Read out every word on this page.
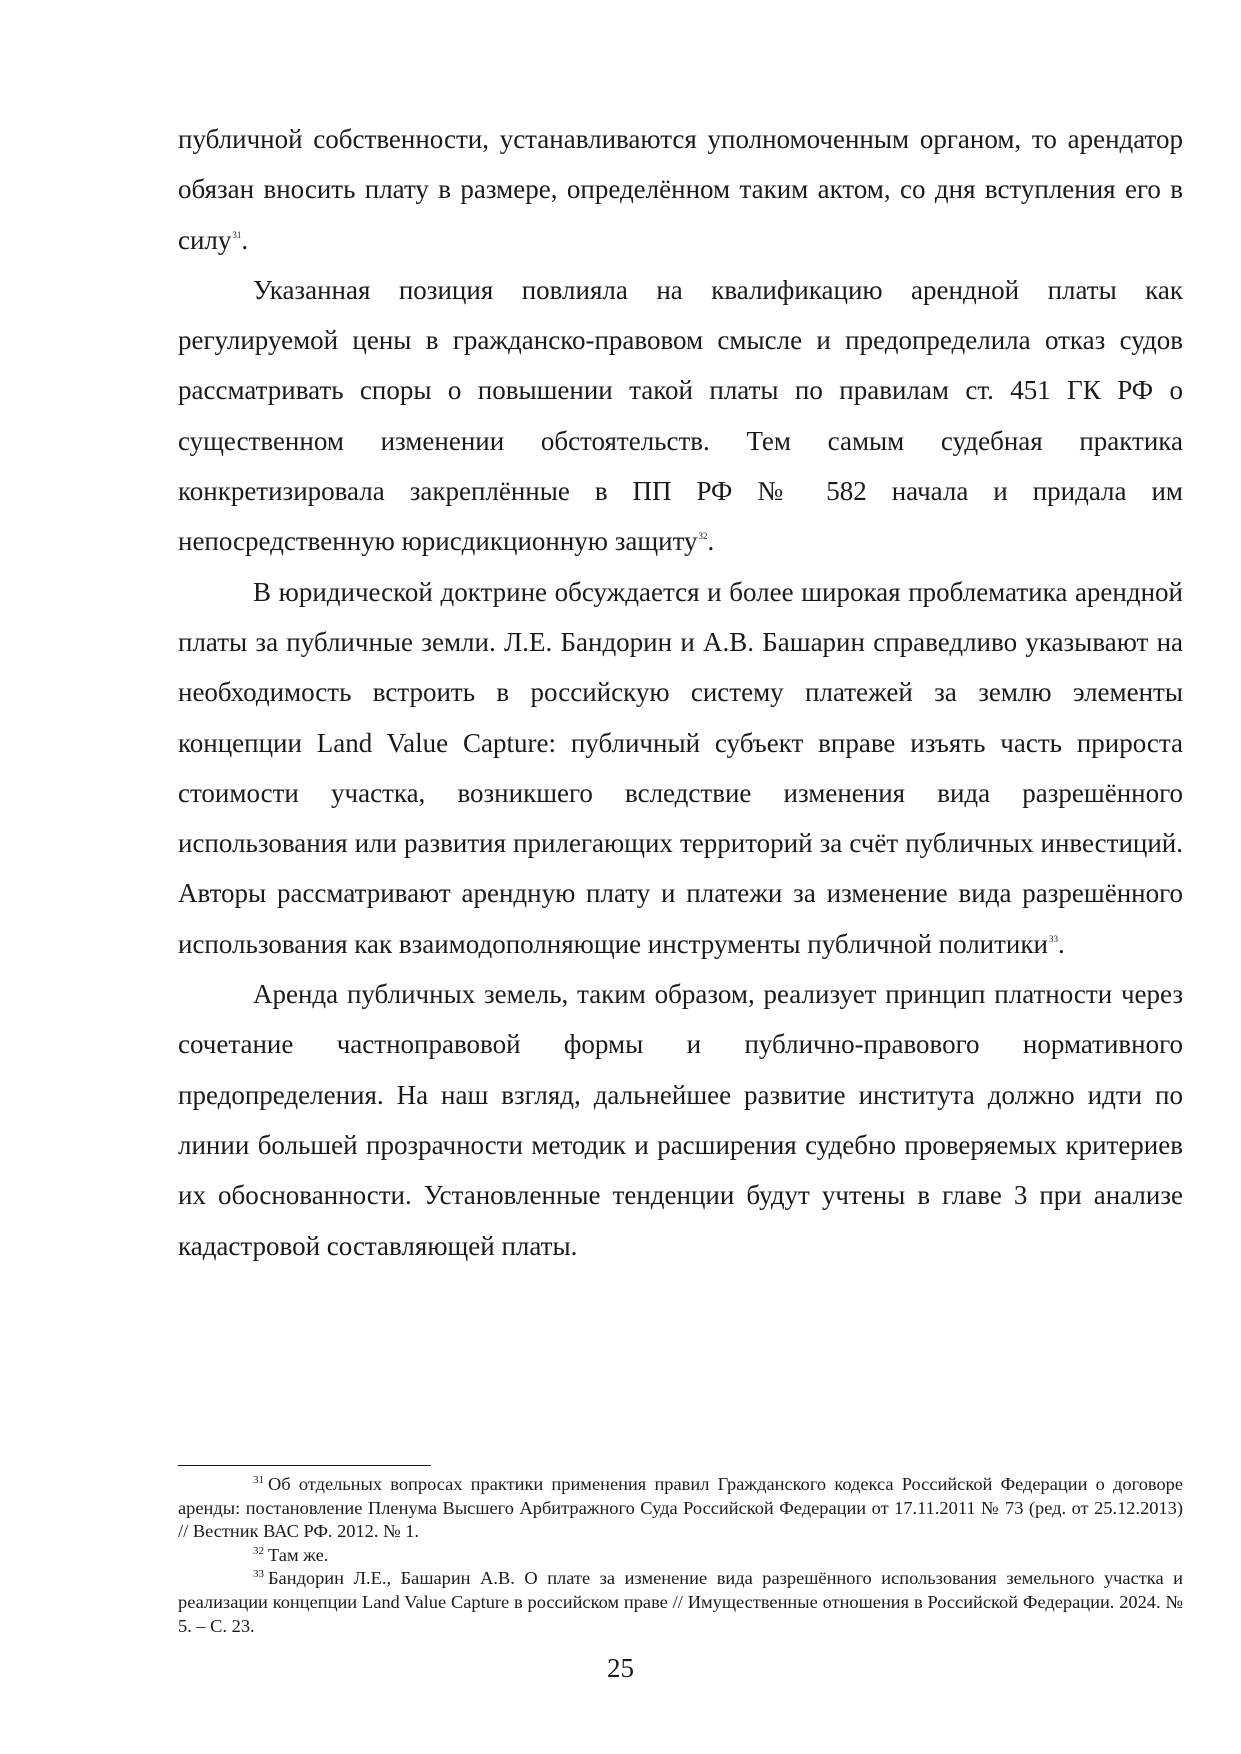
публичной собственности, устанавливаются уполномоченным органом, то арендатор обязан вносить плату в размере, определённом таким актом, со дня вступления его в силу$^{31}$.

Указанная позиция повлияла на квалификацию арендной платы как регулируемой цены в гражданско-правовом смысле и предопределила отказ судов рассматривать споры о повышении такой платы по правилам ст. 451 ГК РФ о существенном изменении обстоятельств. Тем самым судебная практика конкретизировала закреплённые в ПП РФ № 582 начала и придала им непосредственную юрисдикционную защиту$^{32}$.

В юридической доктрине обсуждается и более широкая проблематика арендной платы за публичные земли. Л.Е. Бандорин и А.В. Башарин справедливо указывают на необходимость встроить в российскую систему платежей за землю элементы концепции Land Value Capture: публичный субъект вправе изъять часть прироста стоимости участка, возникшего вследствие изменения вида разрешённого использования или развития прилегающих территорий за счёт публичных инвестиций. Авторы рассматривают арендную плату и платежи за изменение вида разрешённого использования как взаимодополняющие инструменты публичной политики$^{33}$.

Аренда публичных земель, таким образом, реализует принцип платности через сочетание частноправовой формы и публично-правового нормативного предопределения. На наш взгляд, дальнейшее развитие института должно идти по линии большей прозрачности методик и расширения судебно проверяемых критериев их обоснованности. Установленные тенденции будут учтены в главе 3 при анализе кадастровой составляющей платы.

$^{31}$ Об отдельных вопросах практики применения правил Гражданского кодекса Российской Федерации о договоре аренды: постановление Пленума Высшего Арбитражного Суда Российской Федерации от 17.11.2011 № 73 (ред. от 25.12.2013) // Вестник ВАС РФ. 2012. № 1.

$^{32}$ Там же.

$^{33}$ Бандорин Л.Е., Башарин А.В. О плате за изменение вида разрешённого использования земельного участка и реализации концепции Land Value Capture в российском праве // Имущественные отношения в Российской Федерации. 2024. № 5. – С. 23.

25
